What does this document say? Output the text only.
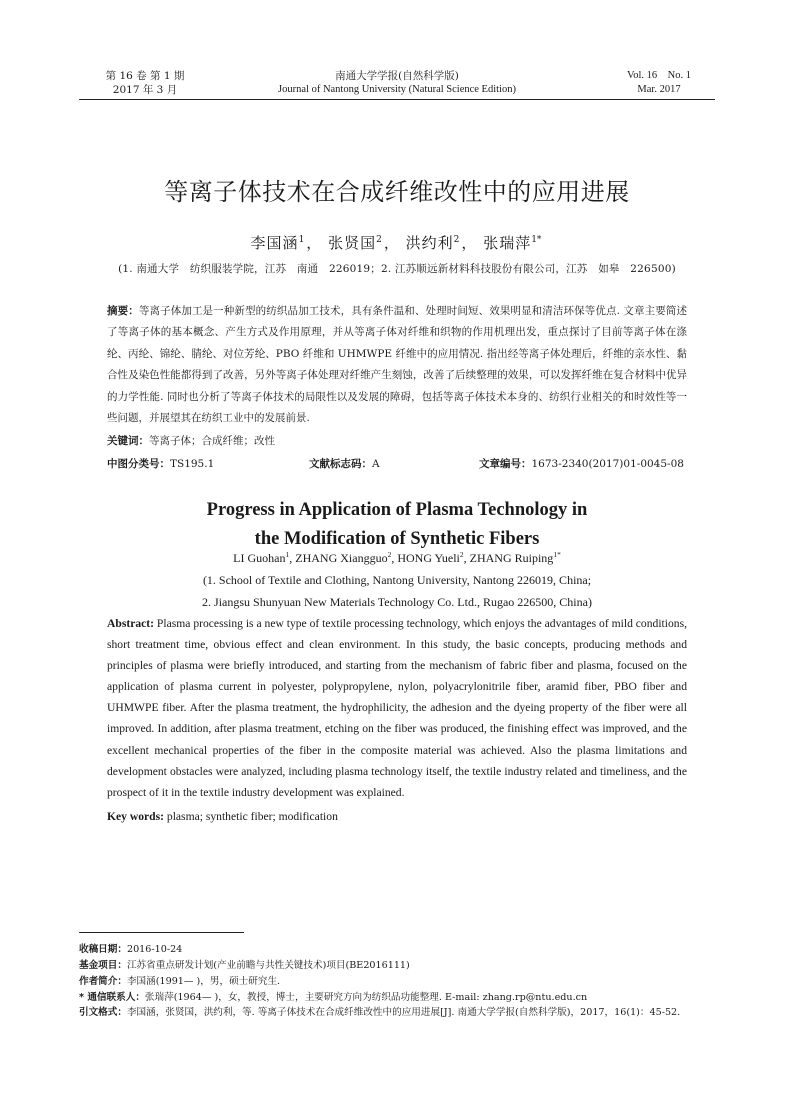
第 16 卷 第 1 期
2017 年 3 月
南通大学学报(自然科学版)
Journal of Nantong University (Natural Science Edition)
Vol. 16　No. 1
Mar. 2017
等离子体技术在合成纤维改性中的应用进展
李国涵$^1$ ， 张贤国$^2$ ， 洪约利$^2$ ， 张瑞萍$^{1*}$
(1. 南通大学　纺织服装学院，江苏　南通　226019；2. 江苏顺远新材料科技股份有限公司，江苏　如皋　226500)
摘要：等离子体加工是一种新型的纺织品加工技术，具有条件温和、处理时间短、效果明显和清洁环保等优点. 文章主要简述了等离子体的基本概念、产生方式及作用原理，并从等离子体对纤维和织物的作用机理出发，重点探讨了目前等离子体在涤纶、丙纶、锦纶、腈纶、对位芳纶、PBO 纤维和 UHMWPE 纤维中的应用情况. 指出经等离子体处理后，纤维的亲水性、黏合性及染色性能都得到了改善，另外等离子体处理对纤维产生刻蚀，改善了后续整理的效果，可以发挥纤维在复合材料中优异的力学性能. 同时也分析了等离子体技术的局限性以及发展的障碍，包括等离子体技术本身的、纺织行业相关的和时效性等一些问题，并展望其在纺织工业中的发展前景.
关键词：等离子体；合成纤维；改性
中图分类号：TS195.1	文献标志码：A	文章编号：1673-2340(2017)01-0045-08
Progress in Application of Plasma Technology in
the Modification of Synthetic Fibers
LI Guohan$^1$, ZHANG Xiangguo$^2$, HONG Yueli$^2$, ZHANG Ruiping$^{1*}$
(1. School of Textile and Clothing, Nantong University, Nantong 226019, China;
2. Jiangsu Shunyuan New Materials Technology Co. Ltd., Rugao 226500, China)
Abstract: Plasma processing is a new type of textile processing technology, which enjoys the advantages of mild conditions, short treatment time, obvious effect and clean environment. In this study, the basic concepts, producing methods and principles of plasma were briefly introduced, and starting from the mechanism of fabric fiber and plasma, focused on the application of plasma current in polyester, polypropylene, nylon, polyacrylonitrile fiber, aramid fiber, PBO fiber and UHMWPE fiber. After the plasma treatment, the hydrophilicity, the adhesion and the dyeing property of the fiber were all improved. In addition, after plasma treatment, etching on the fiber was produced, the finishing effect was improved, and the excellent mechanical properties of the fiber in the composite material was achieved. Also the plasma limitations and development obstacles were analyzed, including plasma technology itself, the textile industry related and timeliness, and the prospect of it in the textile industry development was explained.
Key words: plasma; synthetic fiber; modification
收稿日期：2016-10-24
基金项目：江苏省重点研发计划(产业前瞻与共性关键技术)项目(BE2016111)
作者简介：李国涵(1991— )，男，硕士研究生.
* 通信联系人：张瑞萍(1964— )，女，教授，博士，主要研究方向为纺织品功能整理. E-mail: zhang.rp@ntu.edu.cn
引文格式：李国涵，张贤国，洪约利，等. 等离子体技术在合成纤维改性中的应用进展[J]. 南通大学学报(自然科学版)，2017，16(1)：45-52.
